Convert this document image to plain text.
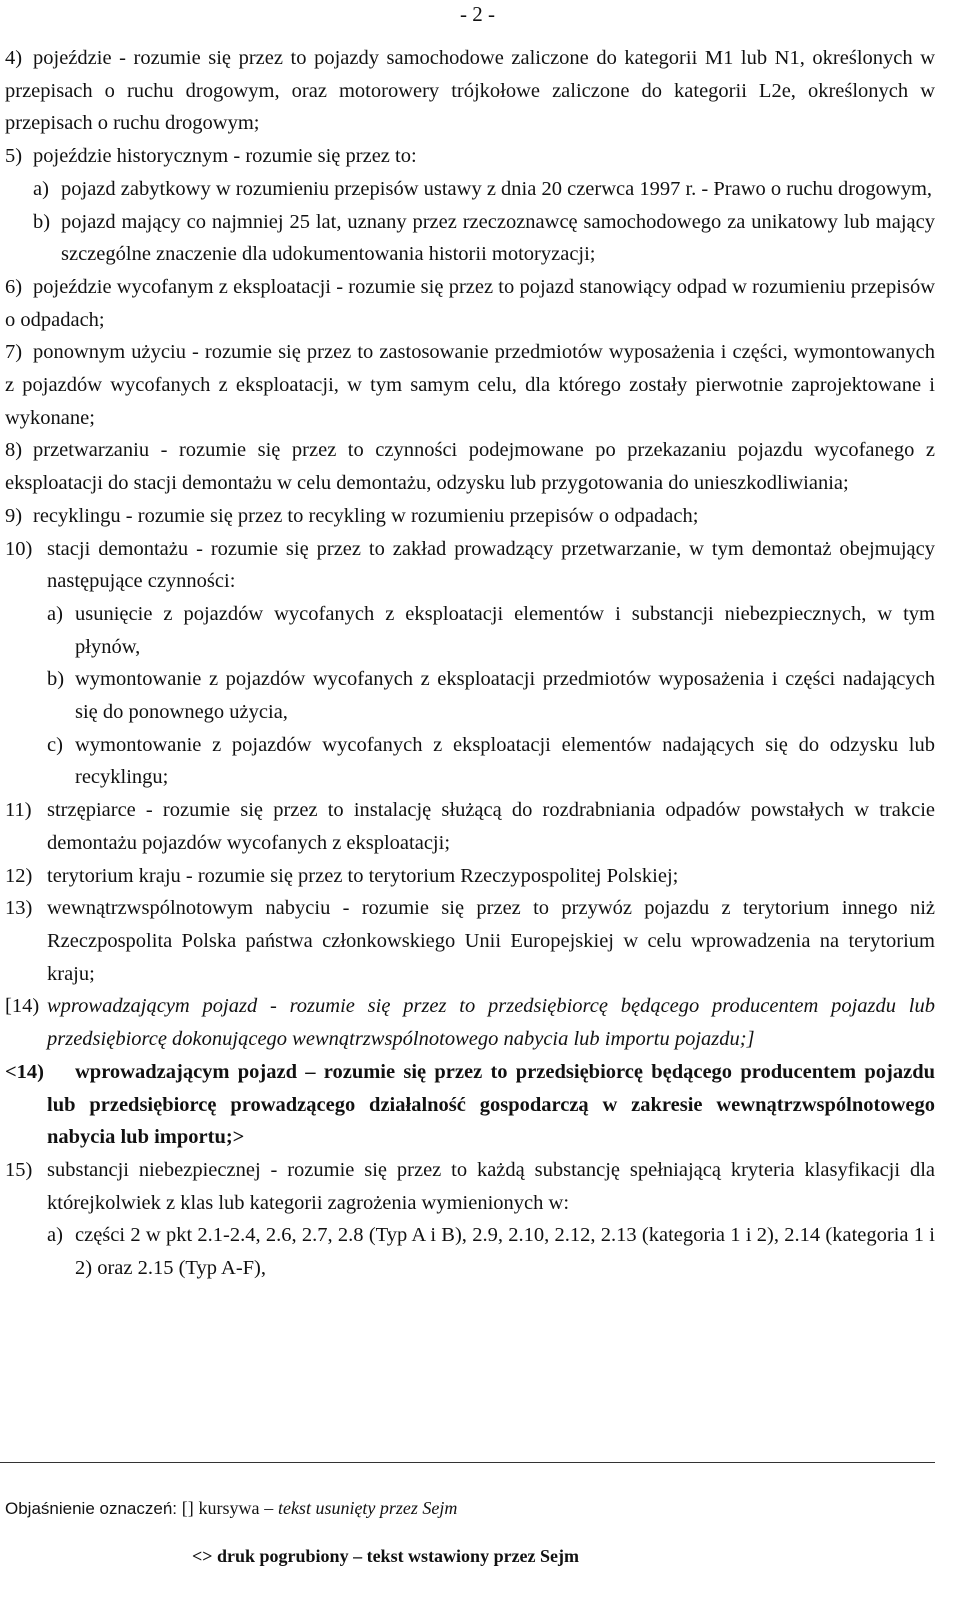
- 2 -
4) pojeździe - rozumie się przez to pojazdy samochodowe zaliczone do kategorii M1 lub N1, określonych w przepisach o ruchu drogowym, oraz motorowery trójkołowe zaliczone do kategorii L2e, określonych w przepisach o ruchu drogowym;
5) pojeździe historycznym - rozumie się przez to:
a) pojazd zabytkowy w rozumieniu przepisów ustawy z dnia 20 czerwca 1997 r. - Prawo o ruchu drogowym,
b) pojazd mający co najmniej 25 lat, uznany przez rzeczoznawcę samochodowego za unikatowy lub mający szczególne znaczenie dla udokumentowania historii motoryzacji;
6) pojeździe wycofanym z eksploatacji - rozumie się przez to pojazd stanowiący odpad w rozumieniu przepisów o odpadach;
7) ponownym użyciu - rozumie się przez to zastosowanie przedmiotów wyposażenia i części, wymontowanych z pojazdów wycofanych z eksploatacji, w tym samym celu, dla którego zostały pierwotnie zaprojektowane i wykonane;
8) przetwarzaniu - rozumie się przez to czynności podejmowane po przekazaniu pojazdu wycofanego z eksploatacji do stacji demontażu w celu demontażu, odzysku lub przygotowania do unieszkodliwiania;
9) recyklingu - rozumie się przez to recykling w rozumieniu przepisów o odpadach;
10) stacji demontażu - rozumie się przez to zakład prowadzący przetwarzanie, w tym demontaż obejmujący następujące czynności:
a) usunięcie z pojazdów wycofanych z eksploatacji elementów i substancji niebezpiecznych, w tym płynów,
b) wymontowanie z pojazdów wycofanych z eksploatacji przedmiotów wyposażenia i części nadających się do ponownego użycia,
c) wymontowanie z pojazdów wycofanych z eksploatacji elementów nadających się do odzysku lub recyklingu;
11) strzępiarce - rozumie się przez to instalację służącą do rozdrabniania odpadów powstałych w trakcie demontażu pojazdów wycofanych z eksploatacji;
12) terytorium kraju - rozumie się przez to terytorium Rzeczypospolitej Polskiej;
13) wewnątrzwspólnotowym nabyciu - rozumie się przez to przywóz pojazdu z terytorium innego niż Rzeczpospolita Polska państwa członkowskiego Unii Europejskiej w celu wprowadzenia na terytorium kraju;
[14) wprowadzającym pojazd - rozumie się przez to przedsiębiorcę będącego producentem pojazdu lub przedsiębiorcę dokonującego wewnątrzwspólnotowego nabycia lub importu pojazdu;]
<14)	wprowadzającym pojazd – rozumie się przez to przedsiębiorcę będącego producentem pojazdu lub przedsiębiorcę prowadzącego działalność gospodarczą w zakresie wewnątrzwspólnotowego nabycia lub importu;>
15) substancji niebezpiecznej - rozumie się przez to każdą substancję spełniającą kryteria klasyfikacji dla którejkolwiek z klas lub kategorii zagrożenia wymienionych w:
a) części 2 w pkt 2.1-2.4, 2.6, 2.7, 2.8 (Typ A i B), 2.9, 2.10, 2.12, 2.13 (kategoria 1 i 2), 2.14 (kategoria 1 i 2) oraz 2.15 (Typ A-F),
Objaśnienie oznaczeń: [] kursywa – tekst usunięty przez Sejm
<> druk pogrubiony – tekst wstawiony przez Sejm
